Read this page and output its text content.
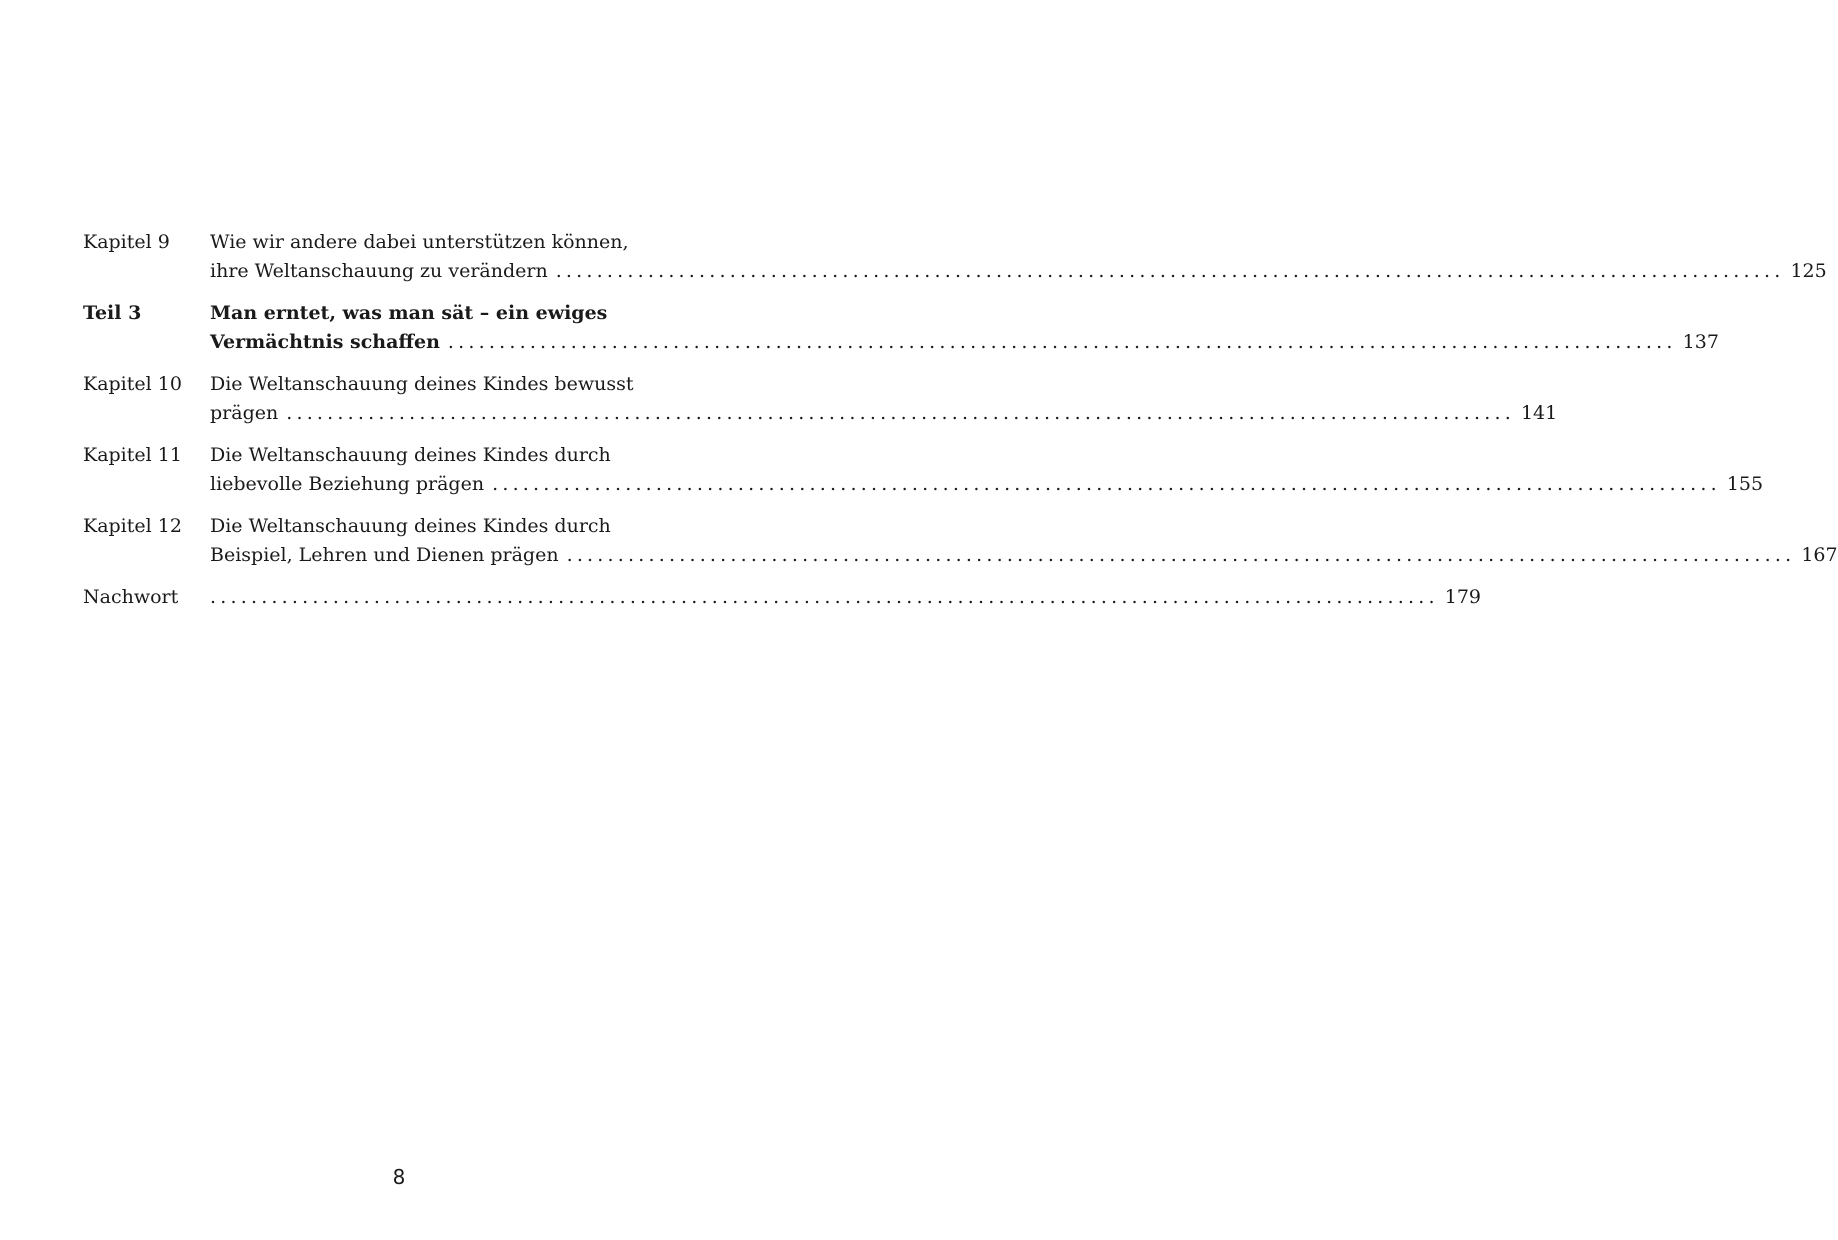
Kapitel 9	Wie wir andere dabei unterstützen können,
ihre Weltanschauung zu verändern ........................................................................................................................ 125
Teil 3	Man erntet, was man sät – ein ewiges
Vermächtnis schaffen ........................................................................................................................ 137
Kapitel 10	Die Weltanschauung deines Kindes bewusst
prägen ........................................................................................................................ 141
Kapitel 11	Die Weltanschauung deines Kindes durch
liebevolle Beziehung prägen ........................................................................................................................ 155
Kapitel 12	Die Weltanschauung deines Kindes durch
Beispiel, Lehren und Dienen prägen ........................................................................................................................ 167
Nachwort	........................................................................................................................ 179
8
